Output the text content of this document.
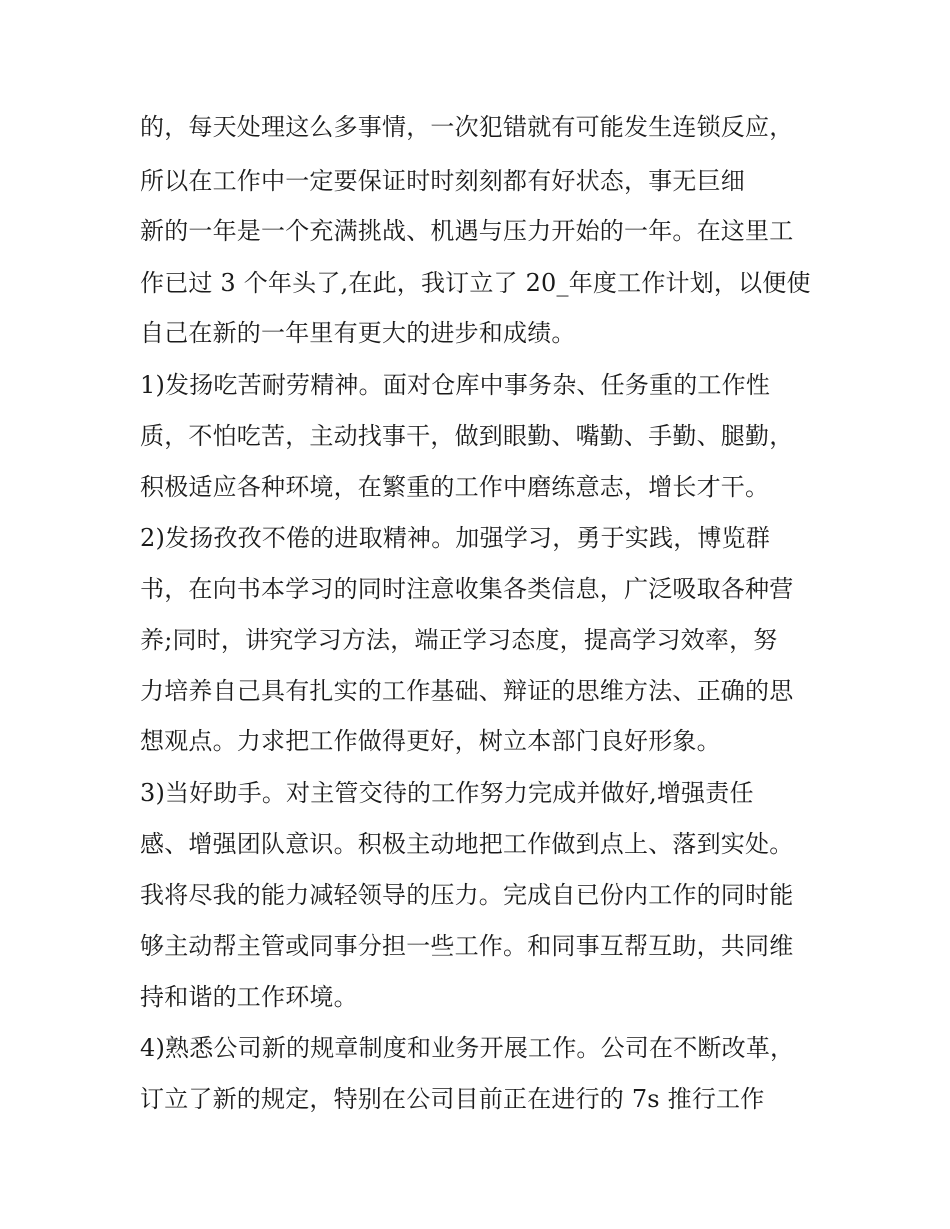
的，每天处理这么多事情，一次犯错就有可能发生连锁反应，
所以在工作中一定要保证时时刻刻都有好状态，事无巨细
新的一年是一个充满挑战、机遇与压力开始的一年。在这里工
作已过 3 个年头了,在此，我订立了 20_年度工作计划，以便使
自己在新的一年里有更大的进步和成绩。
1)发扬吃苦耐劳精神。面对仓库中事务杂、任务重的工作性
质，不怕吃苦，主动找事干，做到眼勤、嘴勤、手勤、腿勤，
积极适应各种环境，在繁重的工作中磨练意志，增长才干。
2)发扬孜孜不倦的进取精神。加强学习，勇于实践，博览群
书，在向书本学习的同时注意收集各类信息，广泛吸取各种营
养;同时，讲究学习方法，端正学习态度，提高学习效率，努
力培养自己具有扎实的工作基础、辩证的思维方法、正确的思
想观点。力求把工作做得更好，树立本部门良好形象。
3)当好助手。对主管交待的工作努力完成并做好,增强责任
感、增强团队意识。积极主动地把工作做到点上、落到实处。
我将尽我的能力减轻领导的压力。完成自已份内工作的同时能
够主动帮主管或同事分担一些工作。和同事互帮互助，共同维
持和谐的工作环境。
4)熟悉公司新的规章制度和业务开展工作。公司在不断改革，
订立了新的规定，特别在公司目前正在进行的 7s 推行工作
